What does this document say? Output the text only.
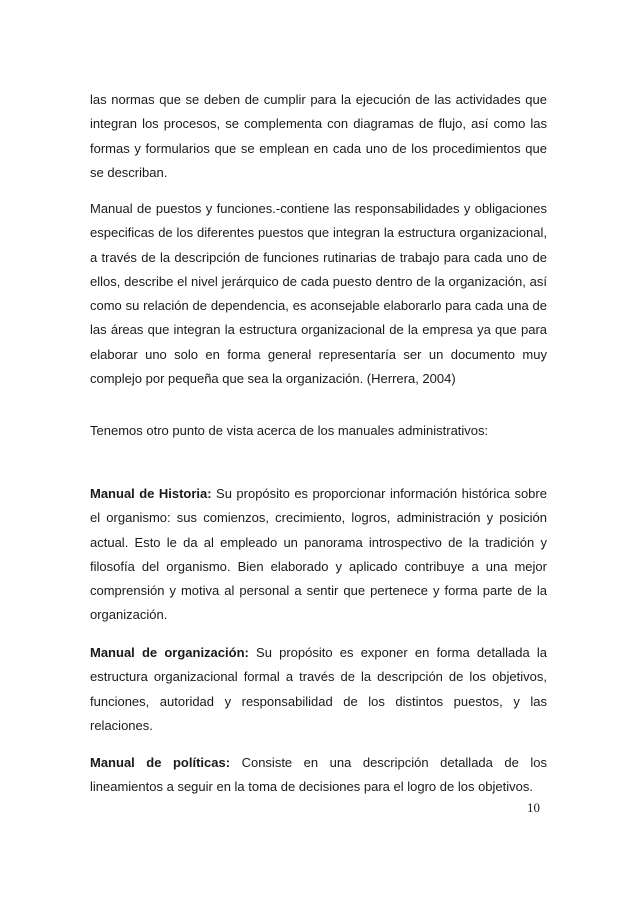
las normas que se deben de cumplir para la ejecución de las actividades que integran los procesos, se complementa con diagramas de flujo, así como las formas y formularios que se emplean en cada uno de los procedimientos que se describan.

Manual de puestos y funciones.-contiene las responsabilidades y obligaciones especificas de los diferentes puestos que integran la estructura organizacional, a través de la descripción de funciones rutinarias de trabajo para cada uno de ellos, describe el nivel jerárquico de cada puesto dentro de la organización, así como su relación de dependencia, es aconsejable elaborarlo para cada una de las áreas que integran la estructura organizacional de la empresa ya que para elaborar uno solo en forma general representaría ser un documento muy complejo por pequeña que sea la organización. (Herrera, 2004)

Tenemos otro punto de vista acerca de los manuales administrativos:

Manual de Historia: Su propósito es proporcionar información histórica sobre el organismo: sus comienzos, crecimiento, logros, administración y posición actual. Esto le da al empleado un panorama introspectivo de la tradición y filosofía del organismo. Bien elaborado y aplicado contribuye a una mejor comprensión y motiva al personal a sentir que pertenece y forma parte de la organización.

Manual de organización: Su propósito es exponer en forma detallada la estructura organizacional formal a través de la descripción de los objetivos, funciones, autoridad y responsabilidad de los distintos puestos, y las relaciones.

Manual de políticas: Consiste en una descripción detallada de los lineamientos a seguir en la toma de decisiones para el logro de los objetivos.

10
